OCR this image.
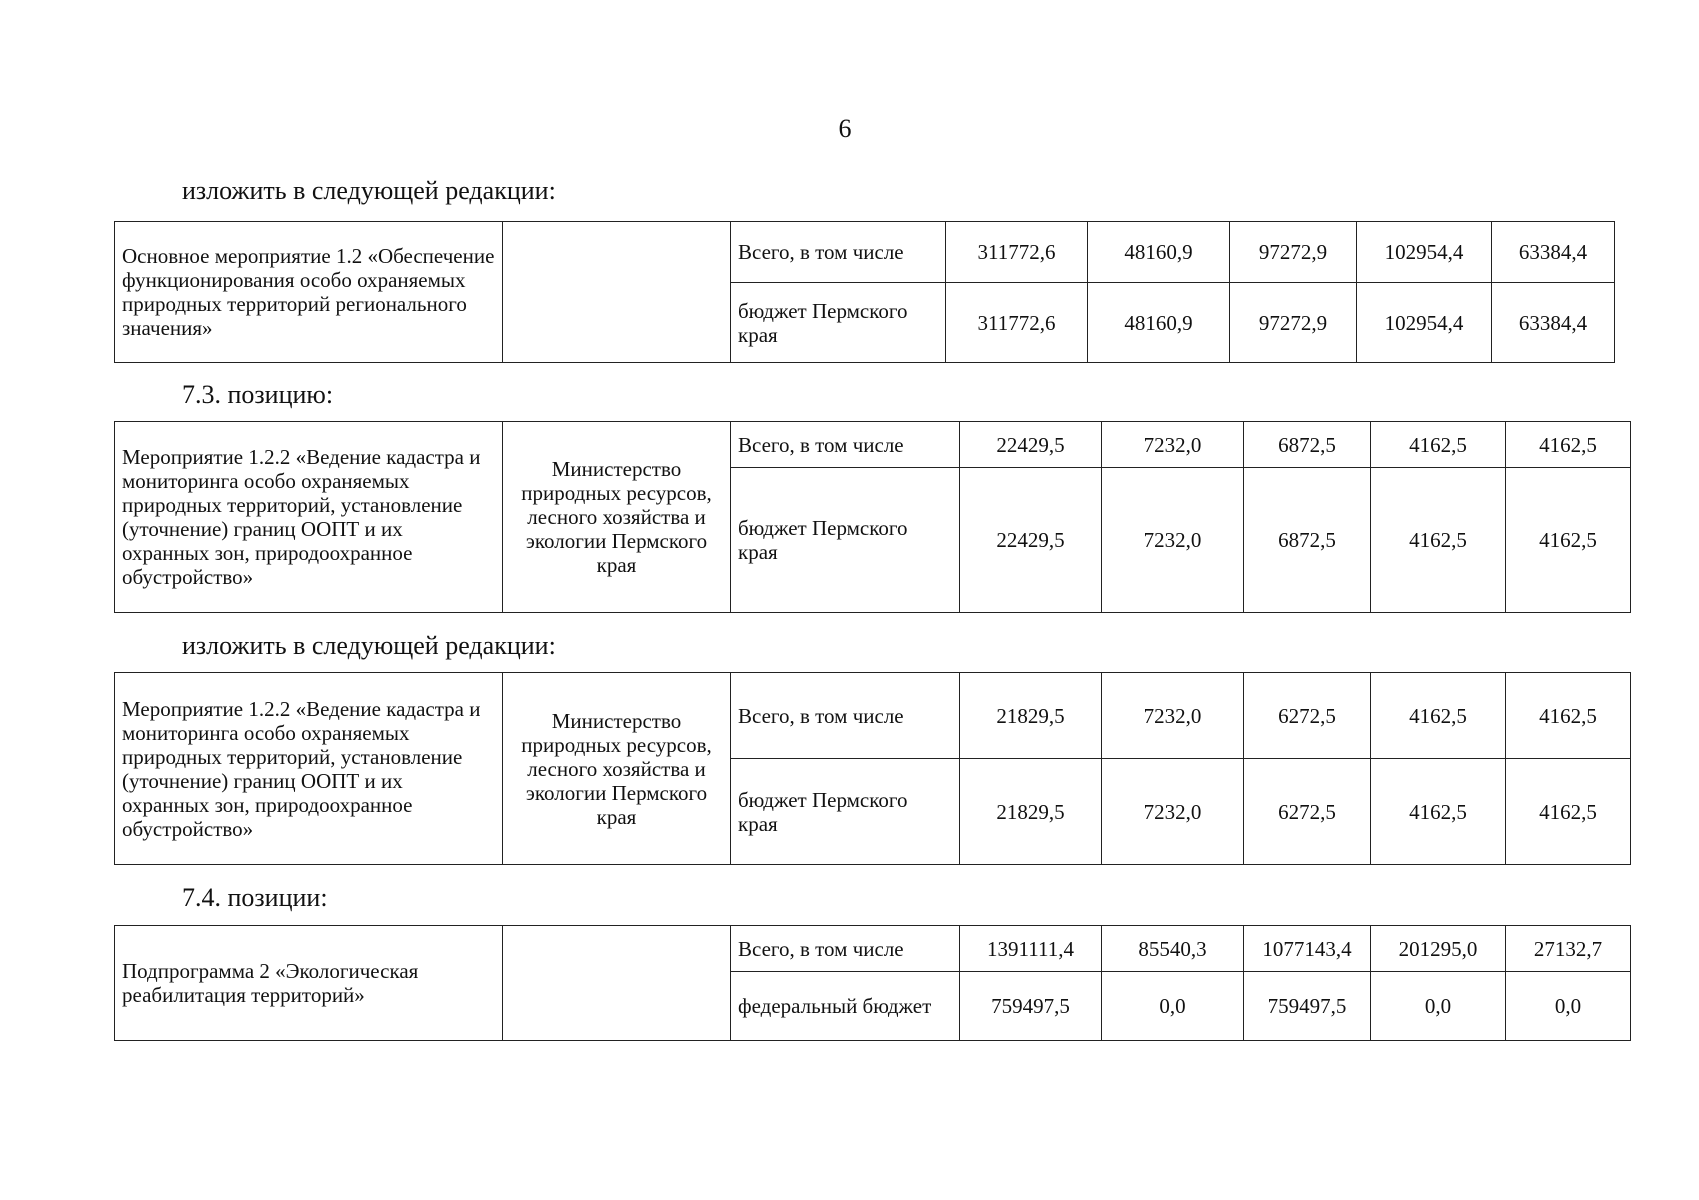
6
изложить в следующей редакции:
Основное мероприятие 1.2 «Обеспечение функционирования особо охраняемых природных территорий регионального значения»		Всего, в том числе	311772,6	48160,9	97272,9	102954,4	63384,4
		бюджет Пермского края	311772,6	48160,9	97272,9	102954,4	63384,4
7.3. позицию:
Мероприятие 1.2.2 «Ведение кадастра и мониторинга особо охраняемых природных территорий, установление (уточнение) границ ООПТ и их охранных зон, природоохранное обустройство»	Министерство природных ресурсов, лесного хозяйства и экологии Пермского края	Всего, в том числе	22429,5	7232,0	6872,5	4162,5	4162,5
		бюджет Пермского края	22429,5	7232,0	6872,5	4162,5	4162,5
изложить в следующей редакции:
Мероприятие 1.2.2 «Ведение кадастра и мониторинга особо охраняемых природных территорий, установление (уточнение) границ ООПТ и их охранных зон, природоохранное обустройство»	Министерство природных ресурсов, лесного хозяйства и экологии Пермского края	Всего, в том числе	21829,5	7232,0	6272,5	4162,5	4162,5
		бюджет Пермского края	21829,5	7232,0	6272,5	4162,5	4162,5
7.4. позиции:
Подпрограмма 2 «Экологическая реабилитация территорий»		Всего, в том числе	1391111,4	85540,3	1077143,4	201295,0	27132,7
		федеральный бюджет	759497,5	0,0	759497,5	0,0	0,0
